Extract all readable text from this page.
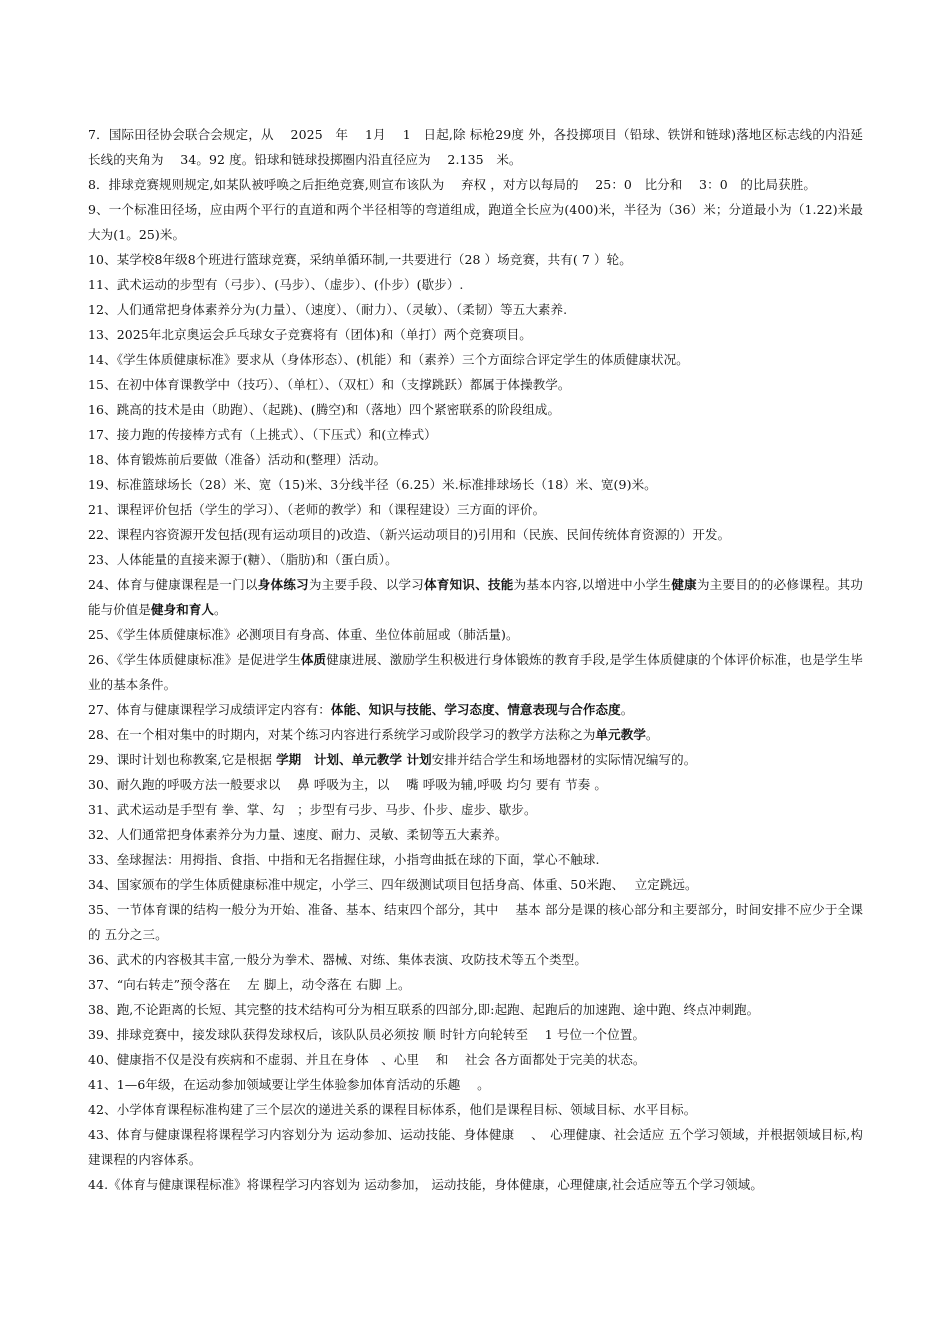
7．国际田径协会联合会规定，从　 2025　年　 1月　 1　日起,除 标枪29度 外，各投掷项目（铅球、铁饼和链球)落地区标志线的内沿延长线的夹角为　 34。92 度。铅球和链球投掷圈内沿直径应为　 2.135　米。

8．排球竞赛规则规定,如某队被呼唤之后拒绝竞赛,则宣布该队为　 弃权 ，对方以每局的　 25：0　比分和　 3：0　的比局获胜。

9、一个标准田径场，应由两个平行的直道和两个半径相等的弯道组成，跑道全长应为(400)米，半径为（36）米；分道最小为（1.22)米最大为(1。25)米。

10、某学校8年级8个班进行篮球竞赛，采纳单循环制,一共要进行（28 ）场竞赛，共有( 7 ）轮。

11、武术运动的步型有（弓步）、(马步）、（虚步）、(仆步）(歇步）.

12、人们通常把身体素养分为(力量）、（速度）、（耐力）、（灵敏）、（柔韧）等五大素养.

13、2025年北京奥运会乒乓球女子竞赛将有（团体)和（单打）两个竞赛项目。

14、《学生体质健康标准》要求从（身体形态）、(机能）和（素养）三个方面综合评定学生的体质健康状况。

15、在初中体育课教学中（技巧）、（单杠）、（双杠）和（支撑跳跃）都属于体操教学。

16、跳高的技术是由（助跑）、（起跳)、(腾空)和（落地）四个紧密联系的阶段组成。

17、接力跑的传接棒方式有（上挑式）、（下压式）和(立棒式）

18、体育锻炼前后要做（准备）活动和(整理）活动。

19、标准篮球场长（28）米、宽（15)米、3分线半径（6.25）米.标准排球场长（18）米、宽(9)米。

21、课程评价包括（学生的学习）、（老师的教学）和（课程建设）三方面的评价。

22、课程内容资源开发包括(现有运动项目的)改造、（新兴运动项目的)引用和（民族、民间传统体育资源的）开发。

23、人体能量的直接来源于(糖）、（脂肪)和（蛋白质）。

24、体育与健康课程是一门以身体练习为主要手段、以学习体育知识、技能为基本内容,以增进中小学生健康为主要目的的必修课程。其功能与价值是健身和育人。

25、《学生体质健康标准》必测项目有身高、体重、坐位体前屈或（肺活量)。

26、《学生体质健康标准》是促进学生体质健康进展、激励学生积极进行身体锻炼的教育手段,是学生体质健康的个体评价标准，也是学生毕业的基本条件。

27、体育与健康课程学习成绩评定内容有：体能、知识与技能、学习态度、情意表现与合作态度。

28、在一个相对集中的时期内，对某个练习内容进行系统学习或阶段学习的教学方法称之为单元教学。

29、课时计划也称教案,它是根据 学期　计划、单元教学 计划安排并结合学生和场地器材的实际情况编写的。

30、耐久跑的呼吸方法一般要求以　 鼻 呼吸为主，以　 嘴 呼吸为辅,呼吸 均匀 要有 节奏 。

31、武术运动是手型有 拳、掌、勾　；步型有弓步、马步、仆步、虚步、歇步。

32、人们通常把身体素养分为力量、速度、耐力、灵敏、柔韧等五大素养。

33、垒球握法：用拇指、食指、中指和无名指握住球，小指弯曲抵在球的下面，掌心不触球.

34、国家颁布的学生体质健康标准中规定，小学三、四年级测试项目包括身高、体重、50米跑、　 立定跳远。

35、一节体育课的结构一般分为开始、准备、基本、结束四个部分，其中　 基本 部分是课的核心部分和主要部分，时间安排不应少于全课的 五分之三。

36、武术的内容极其丰富,一般分为拳术、器械、对练、集体表演、攻防技术等五个类型。

37、“向右转走”预令落在　 左 脚上，动令落在 右脚 上。

38、跑,不论距离的长短、其完整的技术结构可分为相互联系的四部分,即:起跑、起跑后的加速跑、途中跑、终点冲刺跑。

39、排球竞赛中，接发球队获得发球权后，该队队员必须按 顺 时针方向轮转至　 1 号位一个位置。

40、健康指不仅是没有疾病和不虚弱、并且在身体　、心里　 和　 社会 各方面都处于完美的状态。

41、1—6年级，在运动参加领域要让学生体验参加体育活动的乐趣　 。

42、小学体育课程标准构建了三个层次的递进关系的课程目标体系，他们是课程目标、领域目标、水平目标。

43、体育与健康课程将课程学习内容划分为 运动参加、运动技能、身体健康　 、　心理健康、社会适应 五个学习领域，并根据领域目标,构建课程的内容体系。

44.《体育与健康课程标准》将课程学习内容划为 运动参加， 运动技能，身体健康，心理健康,社会适应等五个学习领域。
